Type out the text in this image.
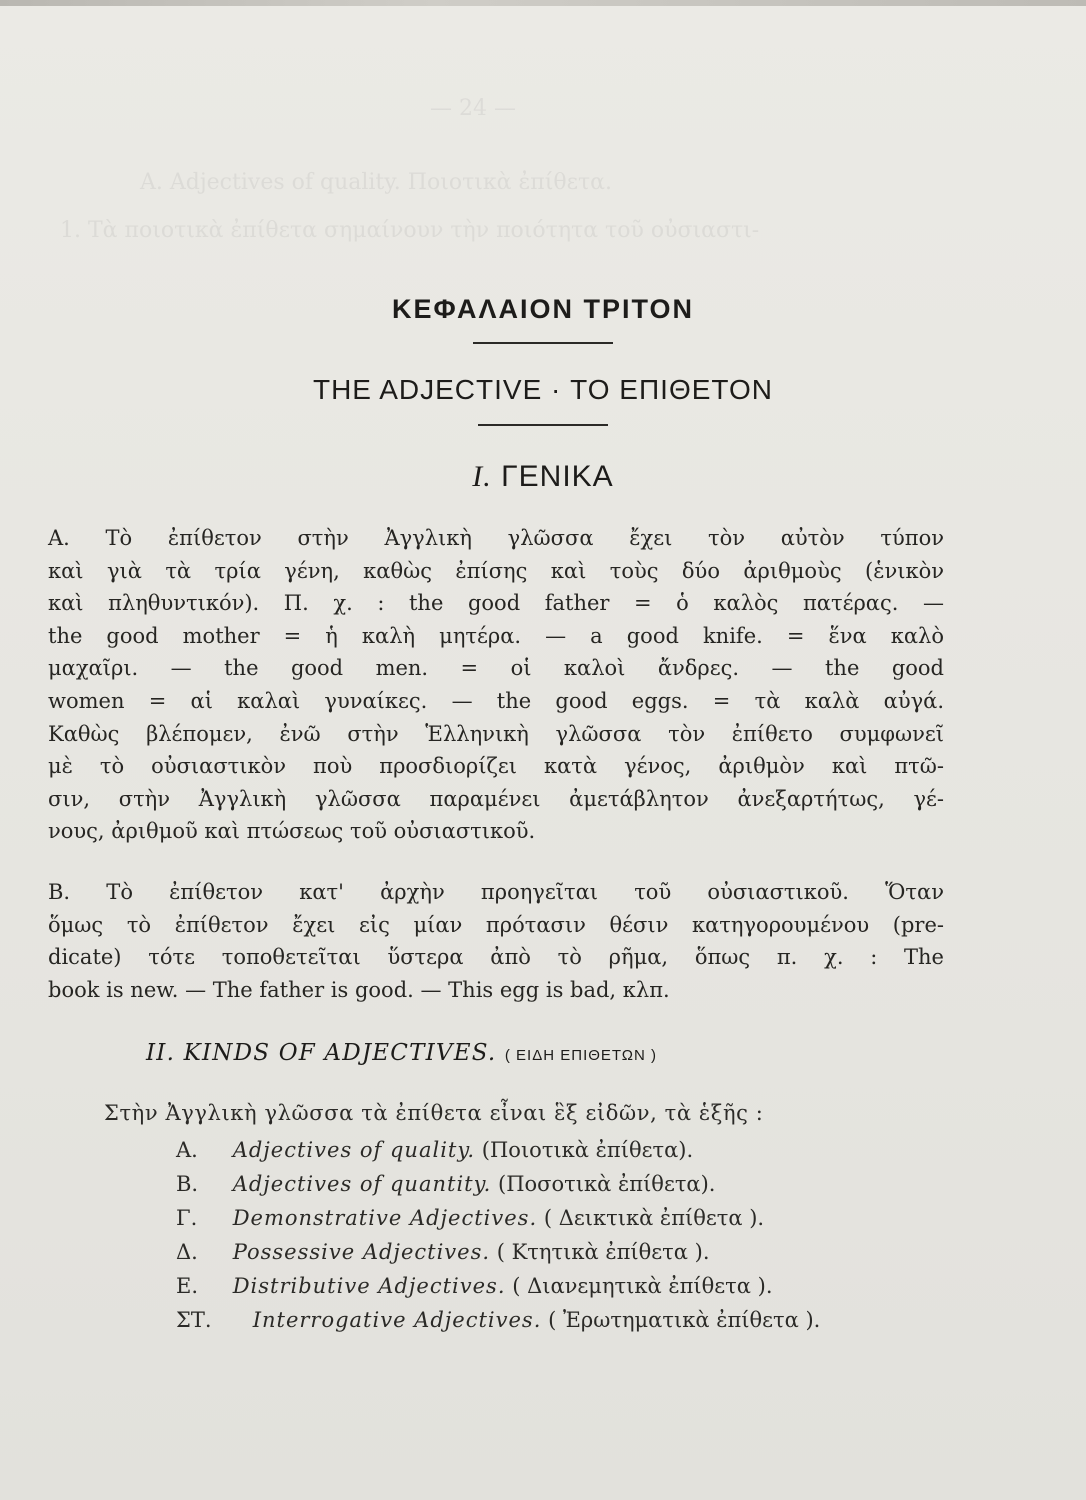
— 24 —
Α. Adjectives of quality. Ποιοτικὰ ἐπίθετα.
1. Τὰ ποιοτικὰ ἐπίθετα σημαίνουν τὴν ποιότητα τοῦ οὐσιαστι-
ΚΕΦΑΛΑΙΟΝ ΤΡΙΤΟΝ
THE ADJECTIVE · ΤΟ ΕΠΙΘΕΤΟΝ
I. ΓΕΝΙΚΑ
Α. Τὸ ἐπίθετον στὴν Ἀγγλικὴ γλῶσσα ἔχει τὸν αὐτὸν τύπον
καὶ γιὰ τὰ τρία γένη, καθὼς ἐπίσης καὶ τοὺς δύο ἀριθμοὺς (ἑνικὸν
καὶ πληθυντικόν). Π. χ. : the good father = ὁ καλὸς πατέρας. —
the good mother = ἡ καλὴ μητέρα. — a good knife. = ἕνα καλὸ
μαχαῖρι. — the good men. = οἱ καλοὶ ἄνδρες. — the good
women = αἱ καλαὶ γυναίκες. — the good eggs. = τὰ καλὰ αὐγά.
Καθὼς βλέπομεν, ἐνῶ στὴν Ἑλληνικὴ γλῶσσα τὸν ἐπίθετο συμφωνεῖ
μὲ τὸ οὐσιαστικὸν ποὺ προσδιορίζει κατὰ γένος, ἀριθμὸν καὶ πτῶ-
σιν, στὴν Ἀγγλικὴ γλῶσσα παραμένει ἀμετάβλητον ἀνεξαρτήτως, γέ-
νους, ἀριθμοῦ καὶ πτώσεως τοῦ οὐσιαστικοῦ.
Β. Τὸ ἐπίθετον κατ' ἀρχὴν προηγεῖται τοῦ οὐσιαστικοῦ. Ὅταν
ὅμως τὸ ἐπίθετον ἔχει εἰς μίαν πρότασιν θέσιν κατηγορουμένου (pre-
dicate) τότε τοποθετεῖται ὕστερα ἀπὸ τὸ ρῆμα, ὅπως π. χ. : The
book is new. — The father is good. — This egg is bad, κλπ.
II. KINDS OF ADJECTIVES. ( ΕΙΔΗ ΕΠΙΘΕΤΩΝ )
Στὴν Ἀγγλικὴ γλῶσσα τὰ ἐπίθετα εἶναι ἓξ εἰδῶν, τὰ ἑξῆς :
Α. Adjectives of quality. (Ποιοτικὰ ἐπίθετα).
Β. Adjectives of quantity. (Ποσοτικὰ ἐπίθετα).
Γ. Demonstrative Adjectives. ( Δεικτικὰ ἐπίθετα ).
Δ. Possessive Adjectives. ( Κτητικὰ ἐπίθετα ).
Ε. Distributive Adjectives. ( Διανεμητικὰ ἐπίθετα ).
ΣΤ. Interrogative Adjectives. ( Ἐρωτηματικὰ ἐπίθετα ).
